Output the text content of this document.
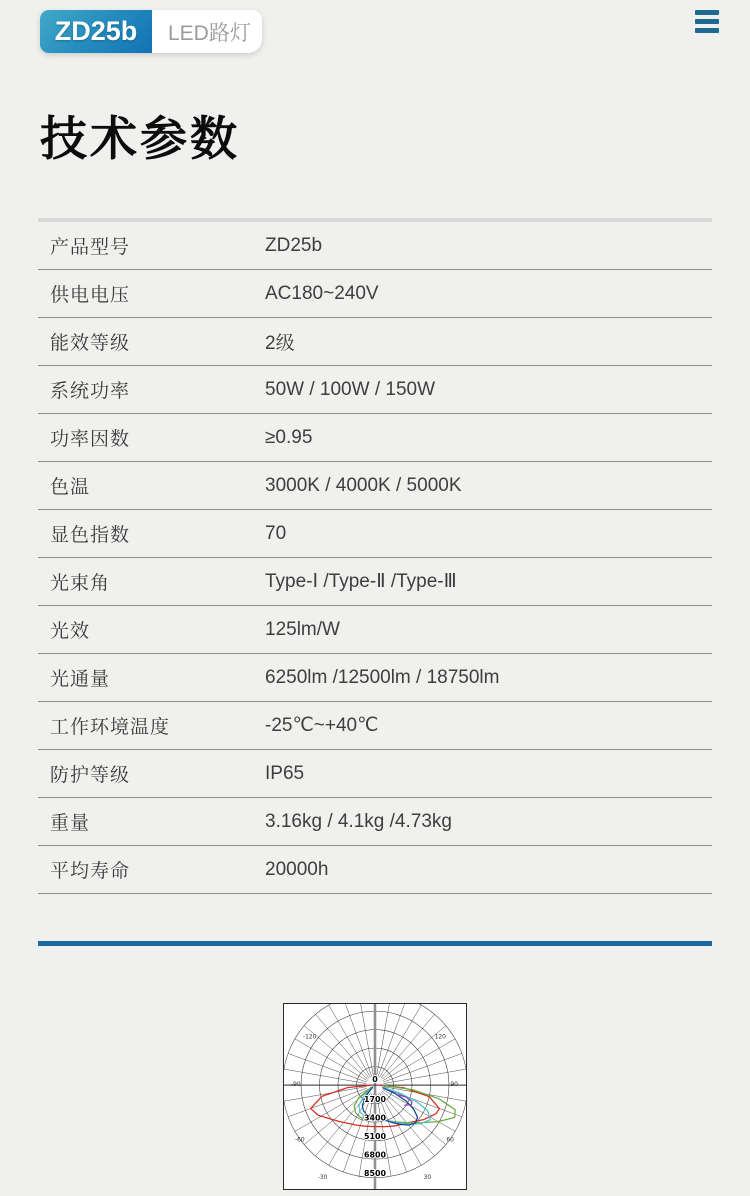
ZD25b LED路灯
技术参数
产品型号	ZD25b
供电电压	AC180~240V
能效等级	2级
系统功率	50W / 100W / 150W
功率因数	≥0.95
色温	3000K / 4000K / 5000K
显色指数	70
光束角	Type-Ⅰ /Type-Ⅱ /Type-Ⅲ
光效	125lm/W
光通量	6250lm /12500lm / 18750lm
工作环境温度	-25℃~+40℃
防护等级	IP65
重量	3.16kg / 4.1kg /4.73kg
平均寿命	20000h
0
1700
3400
5100
6800
8500
-120
-90
-60
-30	30
60
90
120
